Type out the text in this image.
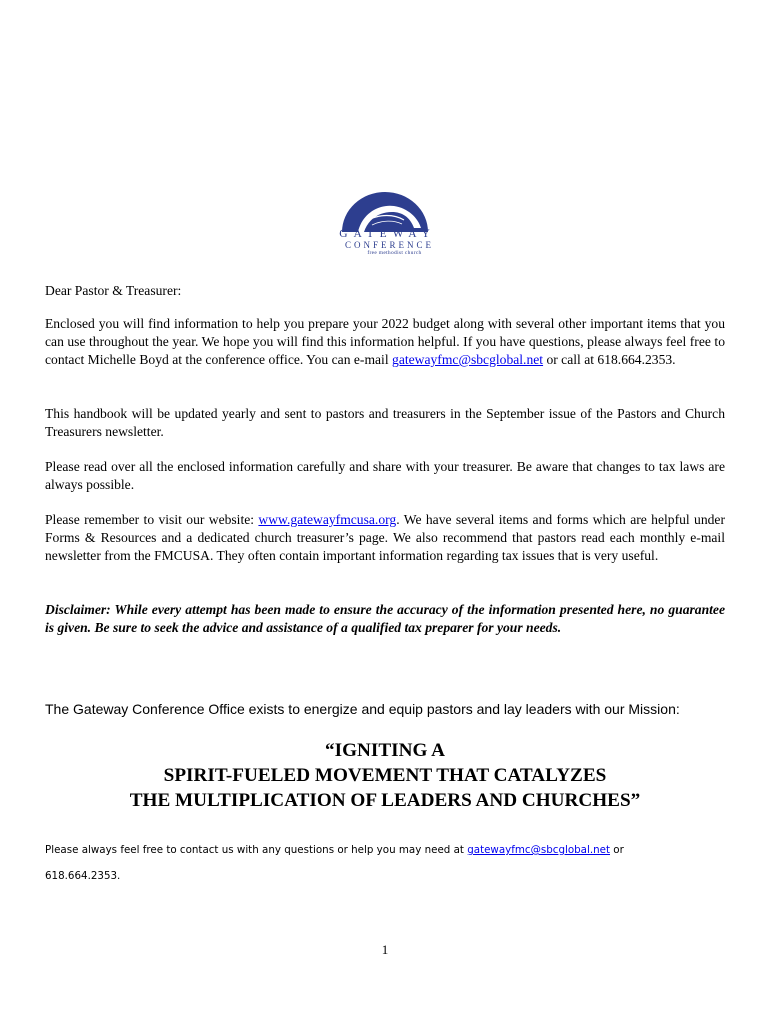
GATEWAY
CONFERENCE
free methodist church
Dear Pastor & Treasurer:
Enclosed you will find information to help you prepare your 2022 budget along with several other important items that you can use throughout the year. We hope you will find this information helpful. If you have questions, please always feel free to contact Michelle Boyd at the conference office. You can e-mail gatewayfmc@sbcglobal.net or call at 618.664.2353.
This handbook will be updated yearly and sent to pastors and treasurers in the September issue of the Pastors and Church Treasurers newsletter.
Please read over all the enclosed information carefully and share with your treasurer. Be aware that changes to tax laws are always possible.
Please remember to visit our website: www.gatewayfmcusa.org. We have several items and forms which are helpful under Forms & Resources and a dedicated church treasurer’s page. We also recommend that pastors read each monthly e-mail newsletter from the FMCUSA. They often contain important information regarding tax issues that is very useful.
Disclaimer: While every attempt has been made to ensure the accuracy of the information presented here, no guarantee is given. Be sure to seek the advice and assistance of a qualified tax preparer for your needs.
The Gateway Conference Office exists to energize and equip pastors and lay leaders with our Mission:
“IGNITING A
SPIRIT-FUELED MOVEMENT THAT CATALYZES
THE MULTIPLICATION OF LEADERS AND CHURCHES”
Please always feel free to contact us with any questions or help you may need at gatewayfmc@sbcglobal.net or
618.664.2353.
1
